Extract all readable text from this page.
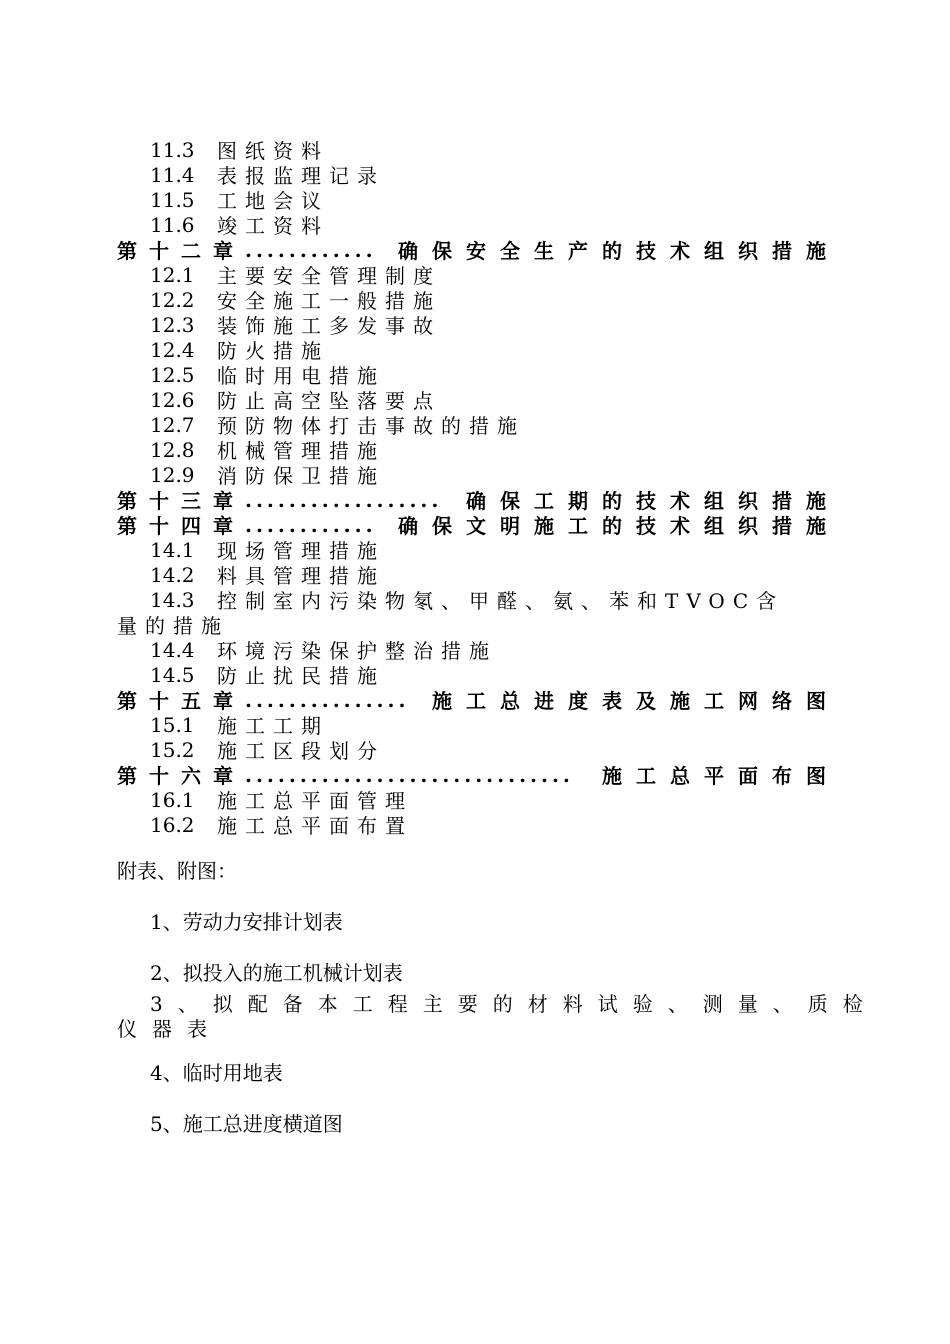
11.3	图纸资料
11.4	表报监理记录
11.5	工地会议
11.6	竣工资料
第十二章 ............	确保安全生产的技术组织措施
12.1	主要安全管理制度
12.2	安全施工一般措施
12.3	装饰施工多发事故
12.4	防火措施
12.5	临时用电措施
12.6	防止高空坠落要点
12.7	预防物体打击事故的措施
12.8	机械管理措施
12.9	消防保卫措施
第十三章 ..................	确保工期的技术组织措施
第十四章 ............	确保文明施工的技术组织措施
14.1	现场管理措施
14.2	料具管理措施
14.3	控制室内污染物氡、甲醛、氨、苯和TVOC含
量的措施
14.4	环境污染保护整治措施
14.5	防止扰民措施
第十五章 ...............	施工总进度表及施工网络图
15.1	施工工期
15.2	施工区段划分
第十六章 ..............................	施工总平面布图
16.1	施工总平面管理
16.2	施工总平面布置
附表、附图：
1、劳动力安排计划表
2、拟投入的施工机械计划表
3、拟配备本工程主要的材料试验、测量、质检
仪器表
4、临时用地表
5、施工总进度横道图
